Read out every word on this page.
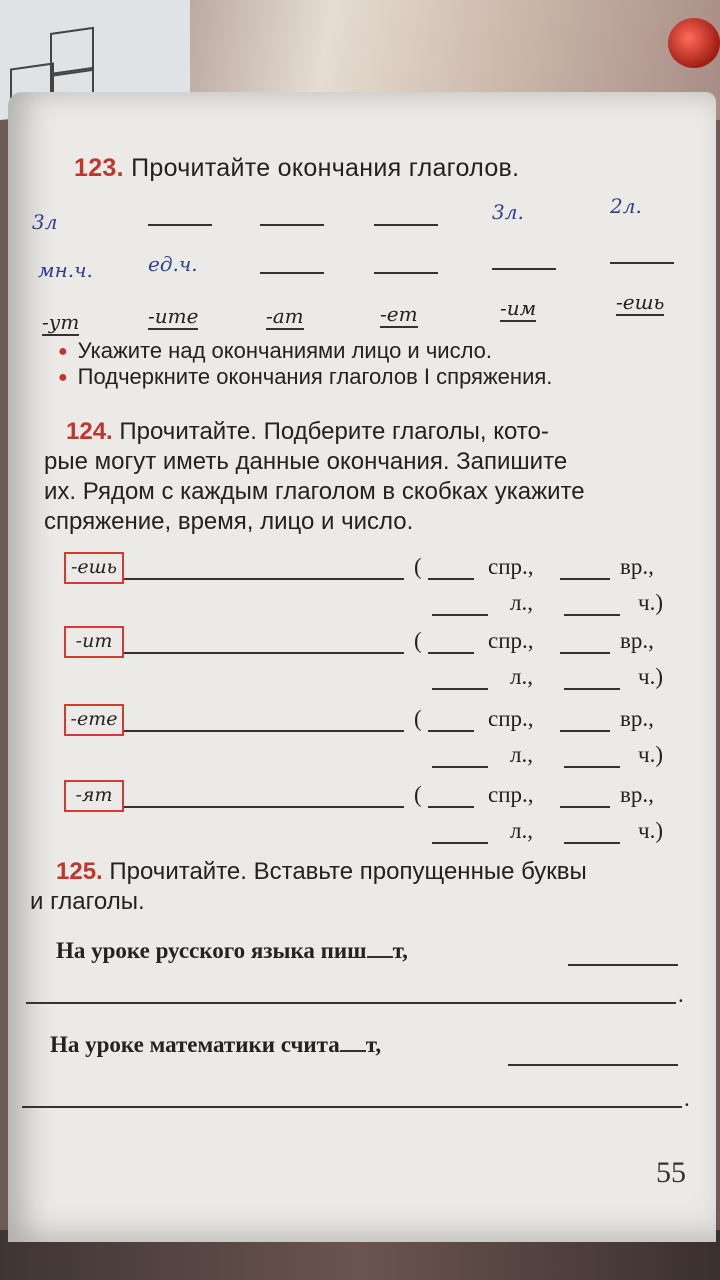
123. Прочитайте окончания глаголов.
3л	3л.	2л.
мн.ч.	ед.ч.
-ут	-ите	-ат	-ет	-им	-ешь
● Укажите над окончаниями лицо и число.
● Подчеркните окончания глаголов I спряжения.
124. Прочитайте. Подберите глаголы, кото-
рые могут иметь данные окончания. Запишите
их. Рядом с каждым глаголом в скобках укажите
спряжение, время, лицо и число.
-ешь	(	спр.,	вр.,
л.,	ч.)
-ит	(	спр.,	вр.,
л.,	ч.)
-ете	(	спр.,	вр.,
л.,	ч.)
-ят	(	спр.,	вр.,
л.,	ч.)
125. Прочитайте. Вставьте пропущенные буквы
и глаголы.
На уроке русского языка пиш т,
.
На уроке математики счита т,
.
55
